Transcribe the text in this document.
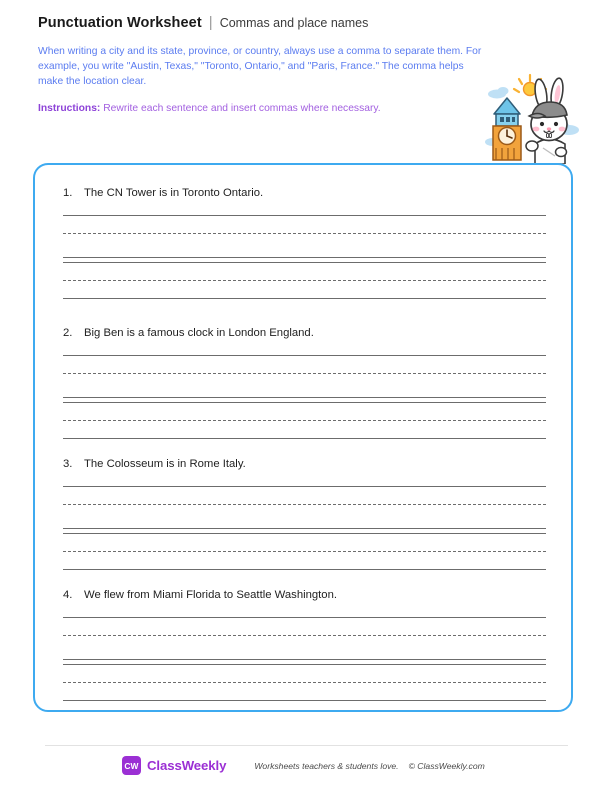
Punctuation Worksheet | Commas and place names
When writing a city and its state, province, or country, always use a comma to separate them. For example, you write "Austin, Texas," "Toronto, Ontario," and "Paris, France." The comma helps make the location clear.
Instructions: Rewrite each sentence and insert commas where necessary.
1.	The CN Tower is in Toronto Ontario.
2.	Big Ben is a famous clock in London England.
3.	The Colosseum is in Rome Italy.
4.	We flew from Miami Florida to Seattle Washington.
CW ClassWeekly	Worksheets teachers & students love. © ClassWeekly.com
